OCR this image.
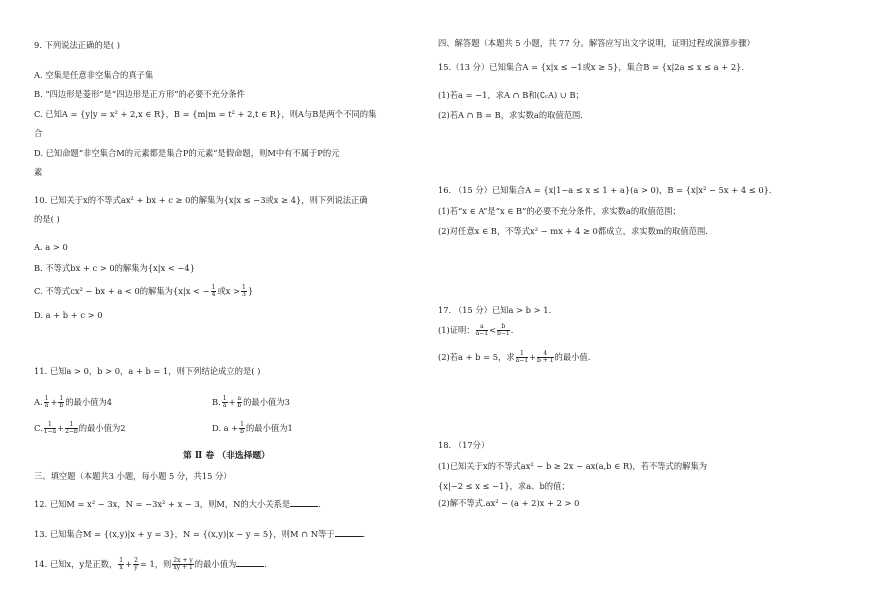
9. 下列说法正确的是( )
A. 空集是任意非空集合的真子集
B. “四边形是菱形”是“四边形是正方形”的必要不充分条件
C. 已知A = {y|y = x² + 2,x ∈ R}，B = {m|m = t² + 2,t ∈ R}，则A与B是两个不同的集
合
D. 已知命题“非空集合M的元素都是集合P的元素”是假命题，则M中有不属于P的元
素
10. 已知关于x的不等式ax² + bx + c ≥ 0的解集为{x|x ≤ −3或x ≥ 4}，则下列说法正确
的是( )
A. a > 0
B. 不等式bx + c > 0的解集为{x|x < −4}
C. 不等式cx² − bx + a < 0的解集为{x|x < − $\frac{1}{4}$ 或$x > \frac{1}{3}$ }
D. a + b + c > 0
11. 已知a > 0，b > 0，a + b = 1，则下列结论成立的是( )
A. $\frac{1}{a} + \frac{1}{b}$ 的最小值为4	B. $\frac{1}{a} + \frac{a}{b}$ 的最小值为3
C. $\frac{1}{1-a} + \frac{1}{2-b}$ 的最小值为2	D. $a + \frac{1}{b}$ 的最小值为1
第 Ⅱ 卷 （非选择题）
三、填空题（本题共3 小题，每小题 5 分，共15 分）
12. 已知M = x² − 3x，N = −3x² + x − 3，则M，N的大小关系是	.
13. 已知集合M = {(x,y)|x + y = 3}，N = {(x,y)|x − y = 5}，则M ∩ N等于	.
14. 已知x，y是正数， $\frac{1}{x} + \frac{2}{y} = 1$，则 $\frac{2x + y}{xy + 1}$ 的最小值为	.
四、解答题（本题共 5 小题，共 77 分。解答应写出文字说明，证明过程或演算步骤）
15.（13 分）已知集合A = {x|x ≤ −1或x ≥ 5}，集合B = {x|2a ≤ x ≤ a + 2}.
(1)若a = −1，求A ∩ B和(∁ᵣA) ∪ B；
(2)若A ∩ B = B，求实数a的取值范围.
16. （15 分）已知集合A = {x|1−a ≤ x ≤ 1 + a}(a > 0)，B = {x|x² − 5x + 4 ≤ 0}.
(1)若“x ∈ A”是“x ∈ B”的必要不充分条件，求实数a的取值范围；
(2)对任意x ∈ B，不等式x² − mx + 4 ≥ 0都成立，求实数m的取值范围.
17. （15 分）已知a > b > 1.
(1)证明： $\frac{a}{a-1} < \frac{b}{b-1}$ .
(2)若a + b = 5，求 $\frac{1}{a-1} + \frac{4}{b + 1}$ 的最小值.
18. （17分）
(1)已知关于x的不等式ax² − b ≥ 2x − ax(a,b ∈ R)，若不等式的解集为
{x|−2 ≤ x ≤ −1}，求a、b的值；
(2)解不等式.ax² − (a + 2)x + 2 > 0
